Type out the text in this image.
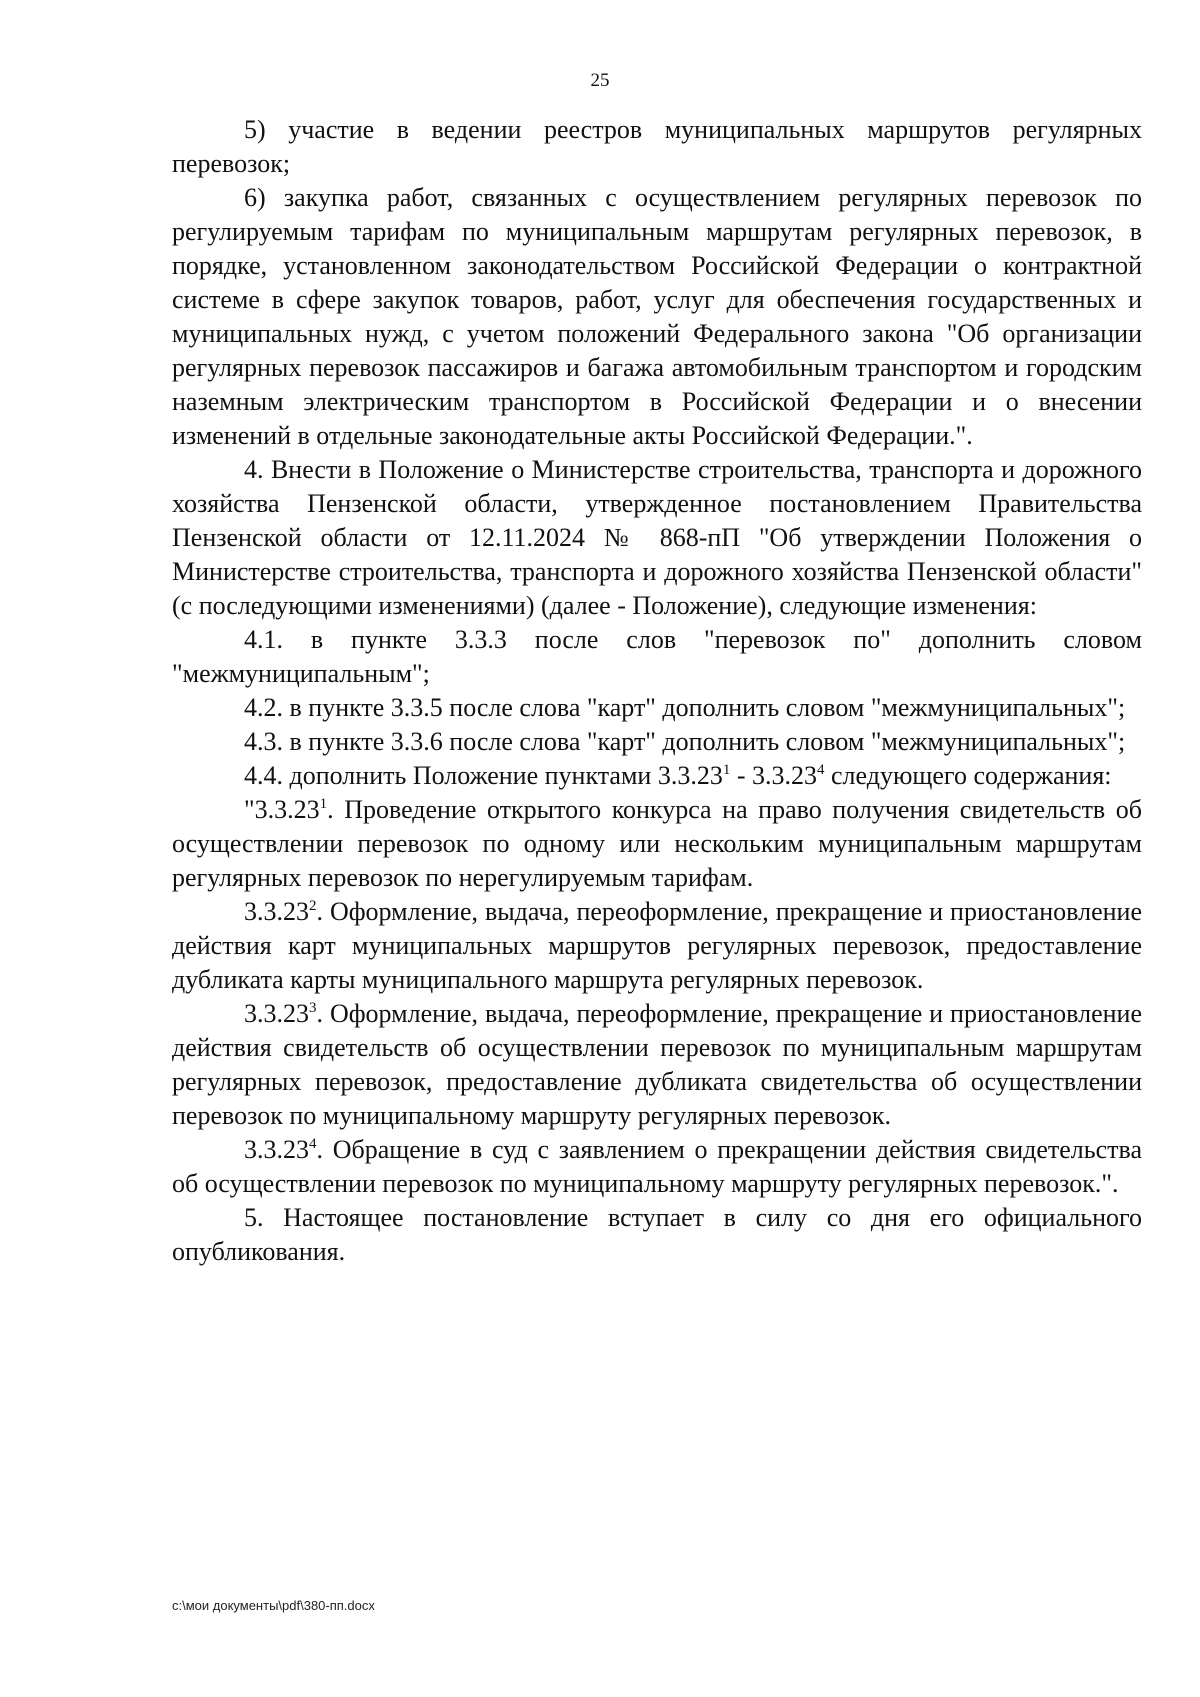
25

5) участие в ведении реестров муниципальных маршрутов регулярных перевозок;

6) закупка работ, связанных с осуществлением регулярных перевозок по регулируемым тарифам по муниципальным маршрутам регулярных перевозок, в порядке, установленном законодательством Российской Федерации о контрактной системе в сфере закупок товаров, работ, услуг для обеспечения государственных и муниципальных нужд, с учетом положений Федерального закона "Об организации регулярных перевозок пассажиров и багажа автомобильным транспортом и городским наземным электрическим транспортом в Российской Федерации и о внесении изменений в отдельные законодательные акты Российской Федерации.".

4. Внести в Положение о Министерстве строительства, транспорта и дорожного хозяйства Пензенской области, утвержденное постановлением Правительства Пензенской области от 12.11.2024 № 868-пП "Об утверждении Положения о Министерстве строительства, транспорта и дорожного хозяйства Пензенской области" (с последующими изменениями) (далее - Положение), следующие изменения:

4.1. в пункте 3.3.3 после слов "перевозок по" дополнить словом "межмуниципальным";

4.2. в пункте 3.3.5 после слова "карт" дополнить словом "межмуниципальных";

4.3. в пункте 3.3.6 после слова "карт" дополнить словом "межмуниципальных";

4.4. дополнить Положение пунктами 3.3.23$^1$ - 3.3.23$^4$ следующего содержания:

"3.3.23$^1$. Проведение открытого конкурса на право получения свидетельств об осуществлении перевозок по одному или нескольким муниципальным маршрутам регулярных перевозок по нерегулируемым тарифам.

3.3.23$^2$. Оформление, выдача, переоформление, прекращение и приостановление действия карт муниципальных маршрутов регулярных перевозок, предоставление дубликата карты муниципального маршрута регулярных перевозок.

3.3.23$^3$. Оформление, выдача, переоформление, прекращение и приостановление действия свидетельств об осуществлении перевозок по муниципальным маршрутам регулярных перевозок, предоставление дубликата свидетельства об осуществлении перевозок по муниципальному маршруту регулярных перевозок.

3.3.23$^4$. Обращение в суд с заявлением о прекращении действия свидетельства об осуществлении перевозок по муниципальному маршруту регулярных перевозок.".

5. Настоящее постановление вступает в силу со дня его официального опубликования.

c:\мои документы\pdf\380-пп.docx
